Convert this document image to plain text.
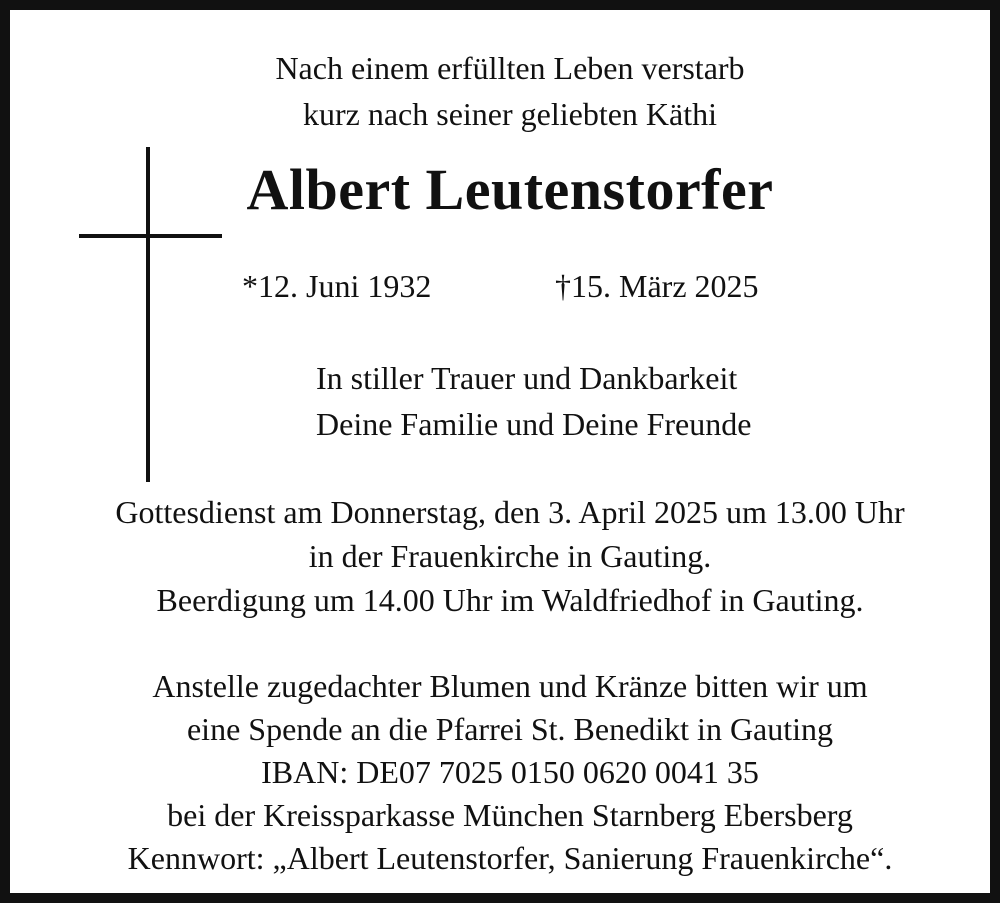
Nach einem erfüllten Leben verstarb

kurz nach seiner geliebten Käthi

Albert Leutenstorfer

*12. Juni 1932	†15. März 2025
In stiller Trauer und Dankbarkeit
Deine Familie und Deine Freunde

Gottesdienst am Donnerstag, den 3. April 2025 um 13.00 Uhr

in der Frauenkirche in Gauting.

Beerdigung um 14.00 Uhr im Waldfriedhof in Gauting.

Anstelle zugedachter Blumen und Kränze bitten wir um

eine Spende an die Pfarrei St. Benedikt in Gauting

IBAN: DE07 7025 0150 0620 0041 35

bei der Kreissparkasse München Starnberg Ebersberg

Kennwort: „Albert Leutenstorfer, Sanierung Frauenkirche“.
